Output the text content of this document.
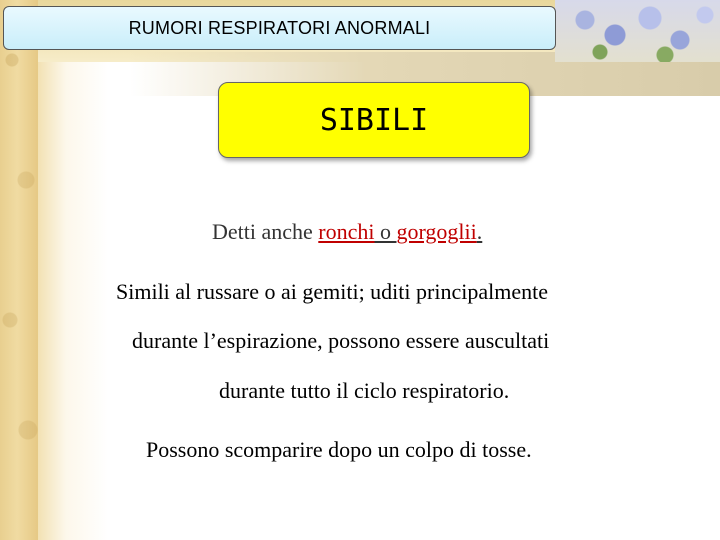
RUMORI RESPIRATORI ANORMALI
SIBILI
Detti anche ronchi o gorgoglii.
Simili al russare o ai gemiti; uditi principalmente
durante l’espirazione, possono essere auscultati
durante tutto il ciclo respiratorio.
Possono scomparire dopo un colpo di tosse.
